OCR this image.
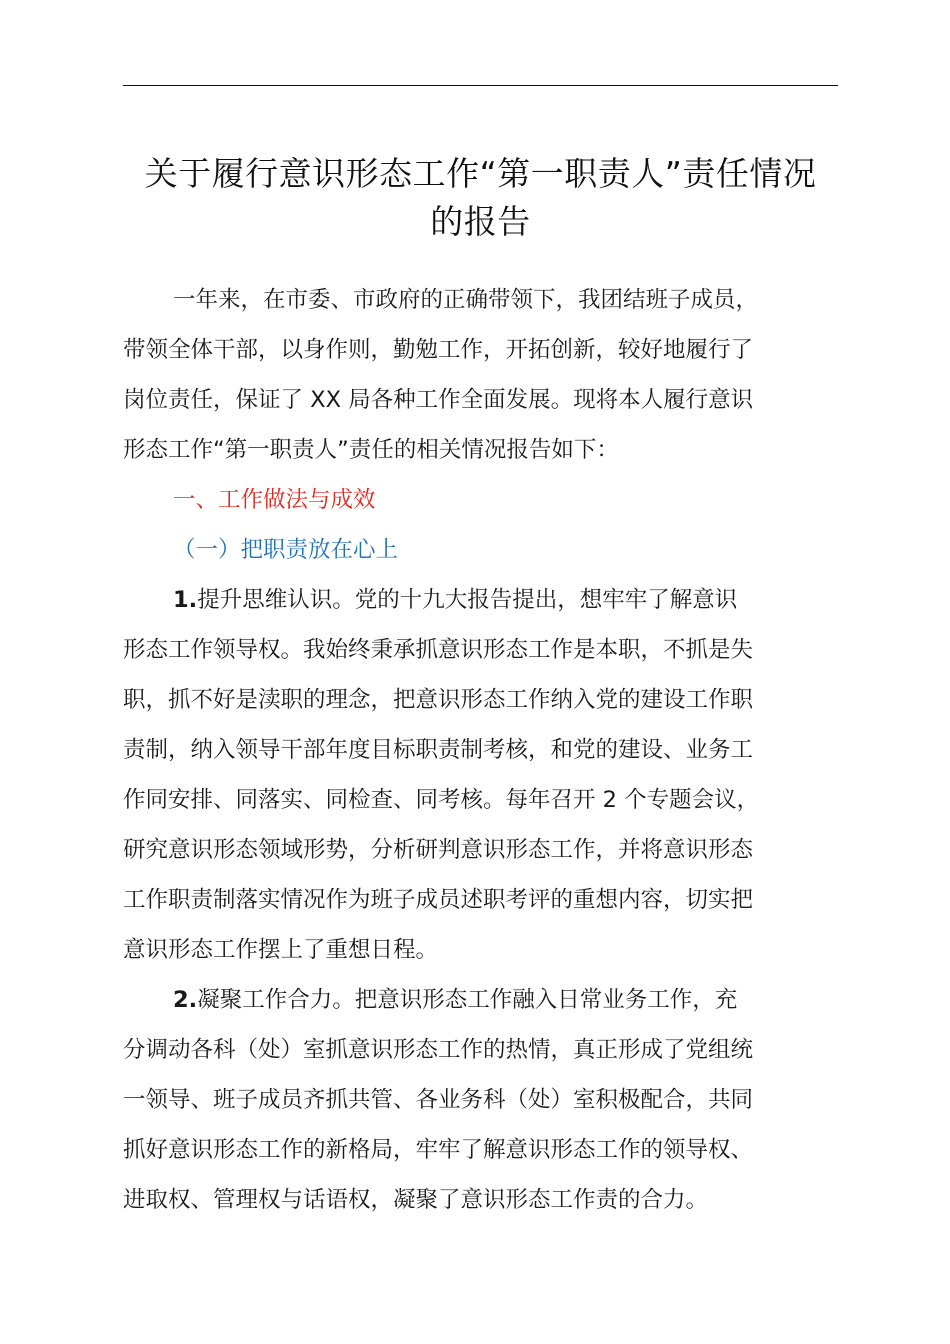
关于履行意识形态工作“第一职责人”责任情况
的报告
一年来，在市委、市政府的正确带领下，我团结班子成员，
带领全体干部，以身作则，勤勉工作，开拓创新，较好地履行了
岗位责任，保证了 XX 局各种工作全面发展。现将本人履行意识
形态工作“第一职责人”责任的相关情况报告如下：
一、工作做法与成效
（一）把职责放在心上
1.提升思维认识。党的十九大报告提出，想牢牢了解意识
形态工作领导权。我始终秉承抓意识形态工作是本职，不抓是失
职，抓不好是渎职的理念，把意识形态工作纳入党的建设工作职
责制，纳入领导干部年度目标职责制考核，和党的建设、业务工
作同安排、同落实、同检查、同考核。每年召开 2 个专题会议，
研究意识形态领域形势，分析研判意识形态工作，并将意识形态
工作职责制落实情况作为班子成员述职考评的重想内容，切实把
意识形态工作摆上了重想日程。
2.凝聚工作合力。把意识形态工作融入日常业务工作，充
分调动各科（处）室抓意识形态工作的热情，真正形成了党组统
一领导、班子成员齐抓共管、各业务科（处）室积极配合，共同
抓好意识形态工作的新格局，牢牢了解意识形态工作的领导权、
进取权、管理权与话语权，凝聚了意识形态工作责的合力。
